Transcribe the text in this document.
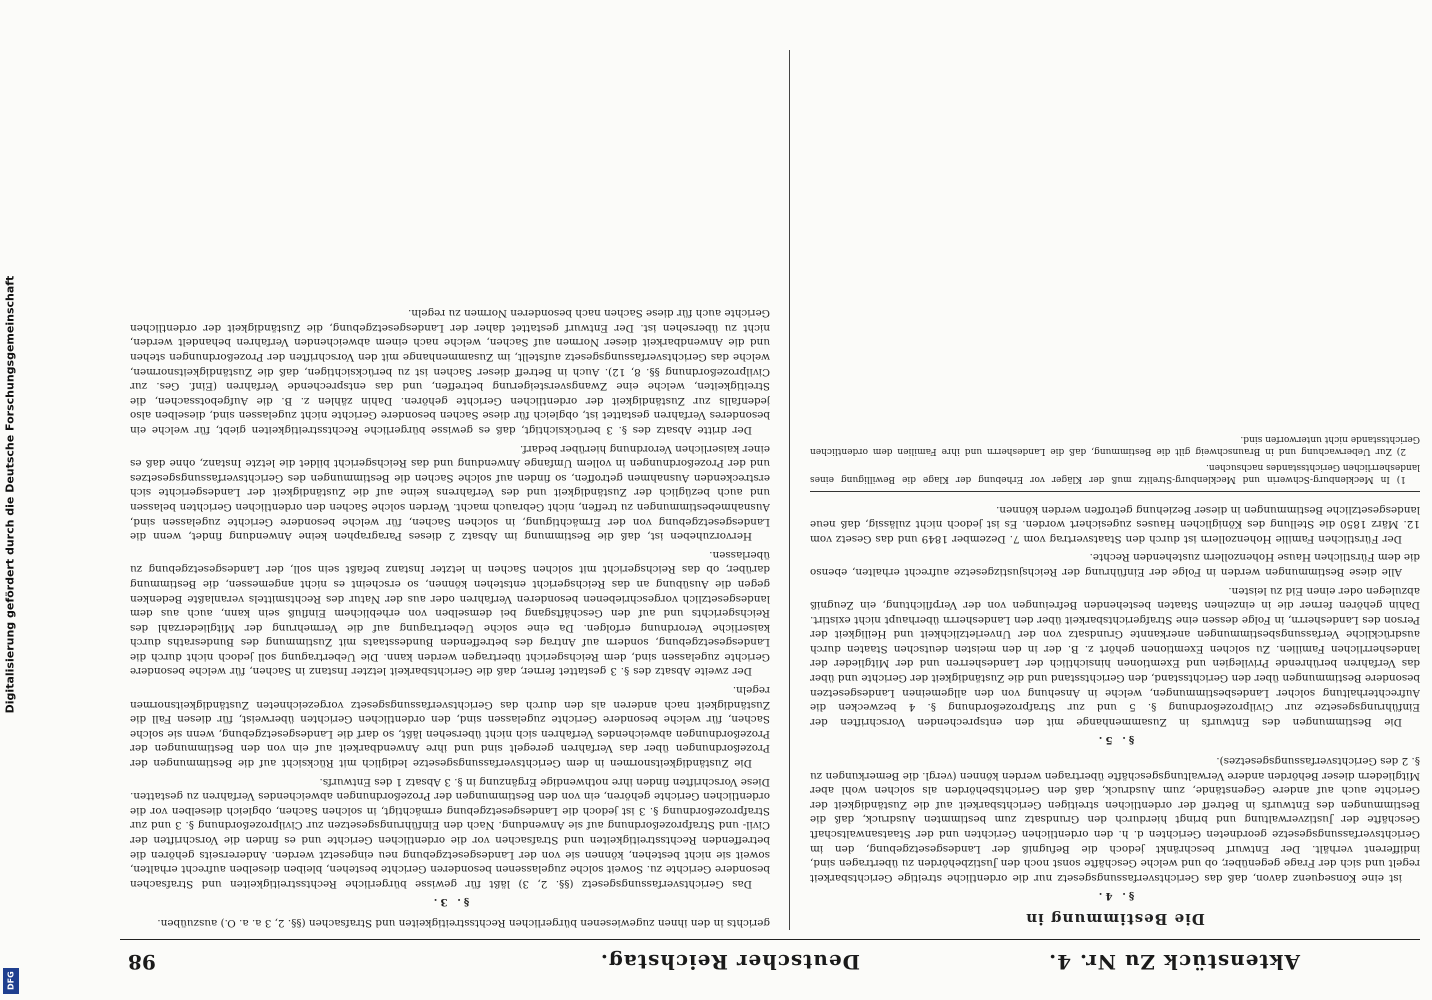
Digitalisierung gefördert durch die Deutsche Forschungsgemeinschaft
DFG
98	Deutscher Reichstag.	Aktenstück Zu Nr. 4.

gerichts in den ihnen zugewiesenen bürgerlichen Rechtsstreitigkeiten und Strafsachen (§§. 2, 3 a. a. O.) auszuüben.

§. 3.

Das Gerichtsverfassungsgesetz (§§. 2, 3) läßt für gewisse bürgerliche Rechtsstreitigkeiten und Strafsachen besondere Gerichte zu. Soweit solche zugelassenen besonderen Gerichte bestehen, bleiben dieselben aufrecht erhalten, soweit sie nicht bestehen, können sie von der Landesgesetzgebung neu eingesetzt werden. Andererseits gehören die betreffenden Rechtsstreitigkeiten und Strafsachen vor die ordentlichen Gerichte und es finden die Vorschriften der Civil- und Strafprozeßordnung auf sie Anwendung. Nach den Einführungsgesetzen zur Civilprozeßordnung §. 3 und zur Strafprozeßordnung §. 3 ist jedoch die Landesgesetzgebung ermächtigt, in solchen Sachen, obgleich dieselben vor die ordentlichen Gerichte gehören, ein von den Bestimmungen der Prozeßordnungen abweichendes Verfahren zu gestatten. Diese Vorschriften finden ihre nothwendige Ergänzung in §. 3 Absatz 1 des Entwurfs.

Die Zuständigkeitsnormen in dem Gerichtsverfassungsgesetze lediglich mit Rücksicht auf die Bestimmungen der Prozeßordnungen über das Verfahren geregelt sind und ihre Anwendbarkeit auf ein von den Bestimmungen der Prozeßordnungen abweichendes Verfahren sich nicht übersehen läßt, so darf die Landesgesetzgebung, wenn sie solche Sachen, für welche besondere Gerichte zugelassen sind, den ordentlichen Gerichten überweist, für diesen Fall die Zuständigkeit nach anderen als den durch das Gerichtsverfassungsgesetz vorgezeichneten Zuständigkeitsnormen regeln.

Der zweite Absatz des §. 3 gestattet ferner, daß die Gerichtsbarkeit letzter Instanz in Sachen, für welche besondere Gerichte zugelassen sind, dem Reichsgericht übertragen werden kann. Die Uebertragung soll jedoch nicht durch die Landesgesetzgebung, sondern auf Antrag des betreffenden Bundesstaats mit Zustimmung des Bundesraths durch kaiserliche Verordnung erfolgen. Da eine solche Uebertragung auf die Vermehrung der Mitgliederzahl des Reichsgerichts und auf den Geschäftsgang bei demselben von erheblichem Einfluß sein kann, auch aus dem landesgesetzlich vorgeschriebenen besonderen Verfahren oder aus der Natur des Rechtsmittels veranlaßte Bedenken gegen die Ausübung an das Reichsgericht entstehen können, so erscheint es nicht angemessen, die Bestimmung darüber, ob das Reichsgericht mit solchen Sachen in letzter Instanz befaßt sein soll, der Landesgesetzgebung zu überlassen.

Hervorzuheben ist, daß die Bestimmung im Absatz 2 dieses Paragraphen keine Anwendung findet, wenn die Landesgesetzgebung von der Ermächtigung, in solchen Sachen, für welche besondere Gerichte zugelassen sind, Ausnahmebestimmungen zu treffen, nicht Gebrauch macht. Werden solche Sachen den ordentlichen Gerichten belassen und auch bezüglich der Zuständigkeit und des Verfahrens keine auf die Zuständigkeit der Landesgerichte sich erstreckenden Ausnahmen getroffen, so finden auf solche Sachen die Bestimmungen des Gerichtsverfassungsgesetzes und der Prozeßordnungen in vollem Umfange Anwendung und das Reichsgericht bildet die letzte Instanz, ohne daß es einer kaiserlichen Verordnung hierüber bedarf.

Der dritte Absatz des §. 3 berücksichtigt, daß es gewisse bürgerliche Rechtsstreitigkeiten giebt, für welche ein besonderes Verfahren gestattet ist, obgleich für diese Sachen besondere Gerichte nicht zugelassen sind, dieselben also jedenfalls zur Zuständigkeit der ordentlichen Gerichte gehören. Dahin zählen z. B. die Aufgebotssachen, die Streitigkeiten, welche eine Zwangsversteigerung betreffen, und das entsprechende Verfahren (Einf. Ges. zur Civilprozeßordnung §§. 8, 12). Auch in Betreff dieser Sachen ist zu berücksichtigen, daß die Zuständigkeitsnormen, welche das Gerichtsverfassungsgesetz aufstellt, im Zusammenhange mit den Vorschriften der Prozeßordnungen stehen und die Anwendbarkeit dieser Normen auf Sachen, welche nach einem abweichenden Verfahren behandelt werden, nicht zu übersehen ist. Der Entwurf gestattet daher der Landesgesetzgebung, die Zuständigkeit der ordentlichen Gerichte auch für diese Sachen nach besonderen Normen zu regeln.

Die Bestimmung in
§. 4.

ist eine Konsequenz davon, daß das Gerichtsverfassungsgesetz nur die ordentliche streitige Gerichtsbarkeit regelt und sich der Frage gegenüber, ob und welche Geschäfte sonst noch den Justizbehörden zu übertragen sind, indifferent verhält. Der Entwurf beschränkt jedoch die Befugniß der Landesgesetzgebung, den im Gerichtsverfassungsgesetze geordneten Gerichten d. h. den ordentlichen Gerichten und der Staatsanwaltschaft Geschäfte der Justizverwaltung und bringt hierdurch den Grundsatz zum bestimmten Ausdruck, daß die Bestimmungen des Entwurfs in Betreff der ordentlichen streitigen Gerichtsbarkeit auf die Zuständigkeit der Gerichte auch auf andere Gegenstände, zum Ausdruck, daß den Gerichtsbehörden als solchen wohl aber Mitgliedern dieser Behörden andere Verwaltungsgeschäfte übertragen werden können (vergl. die Bemerkungen zu §. 2 des Gerichtsverfassungsgesetzes).

§. 5.

Die Bestimmungen des Entwurfs in Zusammenhange mit den entsprechenden Vorschriften der Einführungsgesetze zur Civilprozeßordnung §. 5 und zur Strafprozeßordnung §. 4 bezwecken die Aufrechterhaltung solcher Landesbestimmungen, welche in Ansehung von den allgemeinen Landesgesetzen besondere Bestimmungen über den Gerichtsstand, den Gerichtsstand und die Zuständigkeit der Gerichte und über das Verfahren berührende Privilegien und Exemtionen hinsichtlich der Landesherren und der Mitglieder der landesherrlichen Familien. Zu solchen Exemtionen gehört z. B. der in den meisten deutschen Staaten durch ausdrückliche Verfassungsbestimmungen anerkannte Grundsatz von der Unverletzlichkeit und Heiligkeit der Person des Landesherrn, in Folge dessen eine Strafgerichtsbarkeit über den Landesherrn überhaupt nicht existirt. Dahin gehören ferner die in einzelnen Staaten bestehenden Befreiungen von der Verpflichtung, ein Zeugniß abzulegen oder einen Eid zu leisten.

Alle diese Bestimmungen werden in Folge der Einführung der Reichsjustizgesetze aufrecht erhalten, ebenso die dem Fürstlichen Hause Hohenzollern zustehenden Rechte.

Der Fürstlichen Familie Hohenzollern ist durch den Staatsvertrag vom 7. Dezember 1849 und das Gesetz vom 12. März 1850 die Stellung des Königlichen Hauses zugesichert worden. Es ist jedoch nicht zulässig, daß neue landesgesetzliche Bestimmungen in dieser Beziehung getroffen werden können.

1) In Mecklenburg-Schwerin und Mecklenburg-Strelitz muß der Kläger vor Erhebung der Klage die Bewilligung eines landesherrlichen Gerichtsstandes nachsuchen.

2) Zur Ueberwachung und in Braunschweig gilt die Bestimmung, daß die Landesherrn und ihre Familien dem ordentlichen Gerichtsstande nicht unterworfen sind.
